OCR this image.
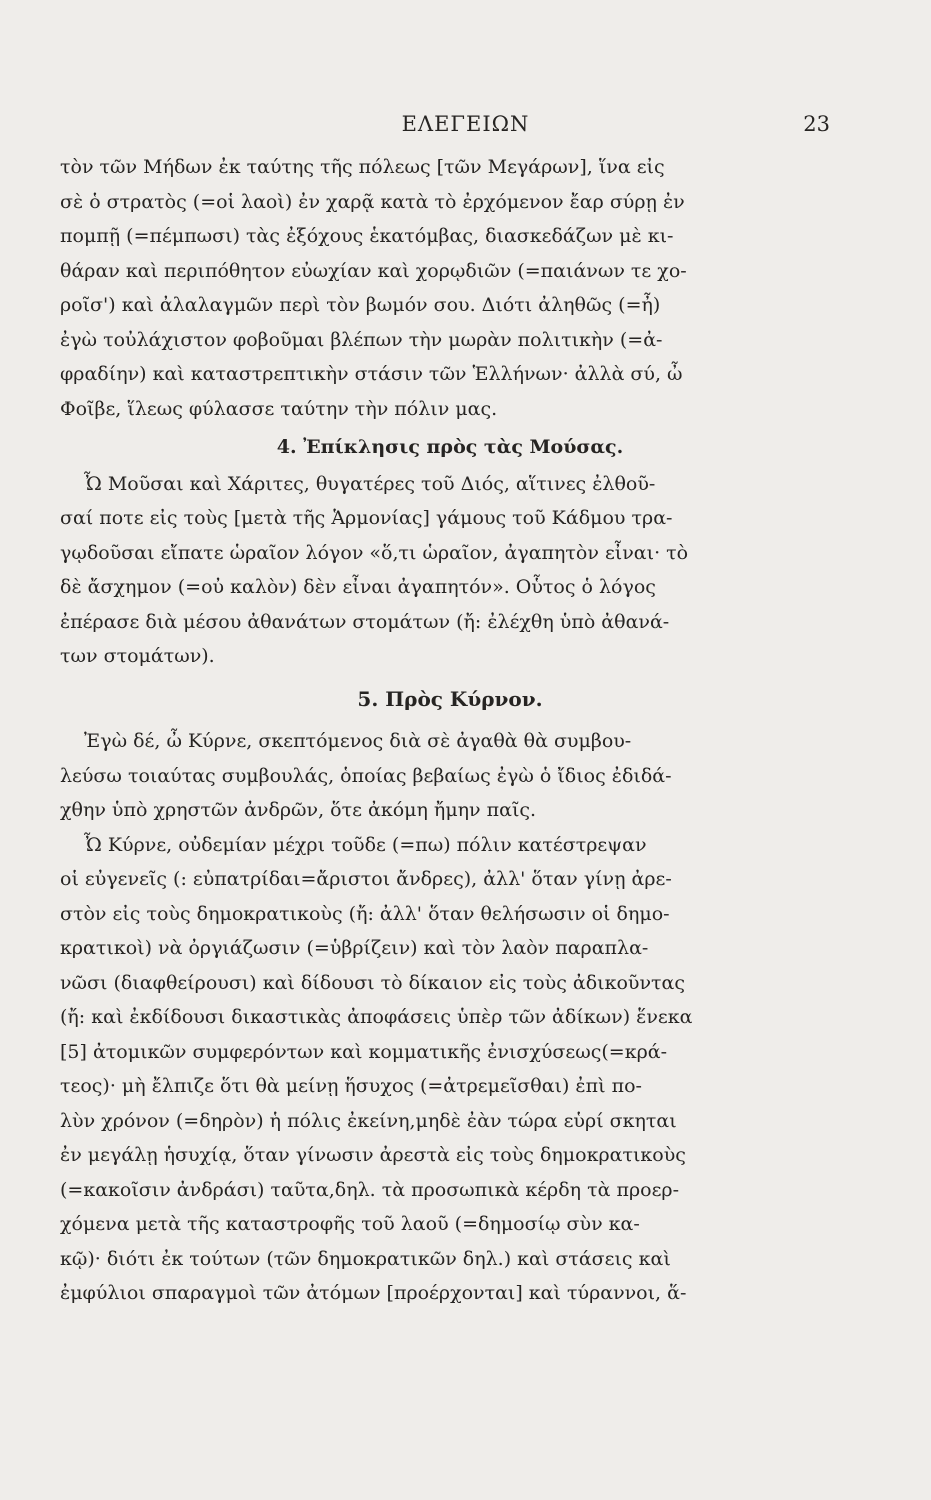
ΕΛΕΓΕΙΩΝ	23
τὸν τῶν Μήδων ἐκ ταύτης τῆς πόλεως [τῶν Μεγάρων], ἵνα εἰς
σὲ ὁ στρατὸς (=οἱ λαοὶ) ἐν χαρᾷ κατὰ τὸ ἐρχόμενον ἔαρ σύρῃ ἐν
πομπῇ (=πέμπωσι) τὰς ἐξόχους ἑκατόμβας, διασκεδάζων μὲ κι-
θάραν καὶ περιπόθητον εὐωχίαν καὶ χορῳδιῶν (=παιάνων τε χο-
ροῖσ') καὶ ἀλαλαγμῶν περὶ τὸν βωμόν σου. Διότι ἀληθῶς (=ἦ)
ἐγὼ τοὐλάχιστον φοβοῦμαι βλέπων τὴν μωρὰν πολιτικὴν (=ἀ-
φραδίην) καὶ καταστρεπτικὴν στάσιν τῶν Ἑλλήνων· ἀλλὰ σύ, ὦ
Φοῖβε, ἵλεως φύλασσε ταύτην τὴν πόλιν μας.
4. Ἐπίκλησις πρὸς τὰς Μούσας.
Ὦ Μοῦσαι καὶ Χάριτες, θυγατέρες τοῦ Διός, αἵτινες ἐλθοῦ-
σαί ποτε εἰς τοὺς [μετὰ τῆς Ἁρμονίας] γάμους τοῦ Κάδμου τρα-
γῳδοῦσαι εἴπατε ὡραῖον λόγον «ὅ,τι ὡραῖον, ἀγαπητὸν εἶναι· τὸ
δὲ ἄσχημον (=οὐ καλὸν) δὲν εἶναι ἀγαπητόν». Οὗτος ὁ λόγος
ἐπέρασε διὰ μέσου ἀθανάτων στομάτων (ἤ: ἐλέχθη ὑπὸ ἀθανά-
των στομάτων).
5. Πρὸς Κύρνον.
Ἐγὼ δέ, ὦ Κύρνε, σκεπτόμενος διὰ σὲ ἀγαθὰ θὰ συμβου-
λεύσω τοιαύτας συμβουλάς, ὁποίας βεβαίως ἐγὼ ὁ ἴδιος ἐδιδά-
χθην ὑπὸ χρηστῶν ἀνδρῶν, ὅτε ἀκόμη ἤμην παῖς.
Ὦ Κύρνε, οὐδεμίαν μέχρι τοῦδε (=πω) πόλιν κατέστρεψαν
οἱ εὐγενεῖς (: εὐπατρίδαι=ἄριστοι ἄνδρες), ἀλλ' ὅταν γίνῃ ἀρε-
στὸν εἰς τοὺς δημοκρατικοὺς (ἤ: ἀλλ' ὅταν θελήσωσιν οἱ δημο-
κρατικοὶ) νὰ ὀργιάζωσιν (=ὑβρίζειν) καὶ τὸν λαὸν παραπλα-
νῶσι (διαφθείρουσι) καὶ δίδουσι τὸ δίκαιον εἰς τοὺς ἀδικοῦντας
(ἤ: καὶ ἐκδίδουσι δικαστικὰς ἀποφάσεις ὑπὲρ τῶν ἀδίκων) ἕνεκα
[5] ἀτομικῶν συμφερόντων καὶ κομματικῆς ἐνισχύσεως(=κρά-
τεος)· μὴ ἔλπιζε ὅτι θὰ μείνῃ ἥσυχος (=ἀτρεμεῖσθαι) ἐπὶ πο-
λὺν χρόνον (=δηρὸν) ἡ πόλις ἐκείνη,μηδὲ ἐὰν τώρα εὑρί σκηται
ἐν μεγάλῃ ἡσυχίᾳ, ὅταν γίνωσιν ἀρεστὰ εἰς τοὺς δημοκρατικοὺς
(=κακοῖσιν ἀνδράσι) ταῦτα,δηλ. τὰ προσωπικὰ κέρδη τὰ προερ-
χόμενα μετὰ τῆς καταστροφῆς τοῦ λαοῦ (=δημοσίῳ σὺν κα-
κῷ)· διότι ἐκ τούτων (τῶν δημοκρατικῶν δηλ.) καὶ στάσεις καὶ
ἐμφύλιοι σπαραγμοὶ τῶν ἀτόμων [προέρχονται] καὶ τύραννοι, ἅ-
